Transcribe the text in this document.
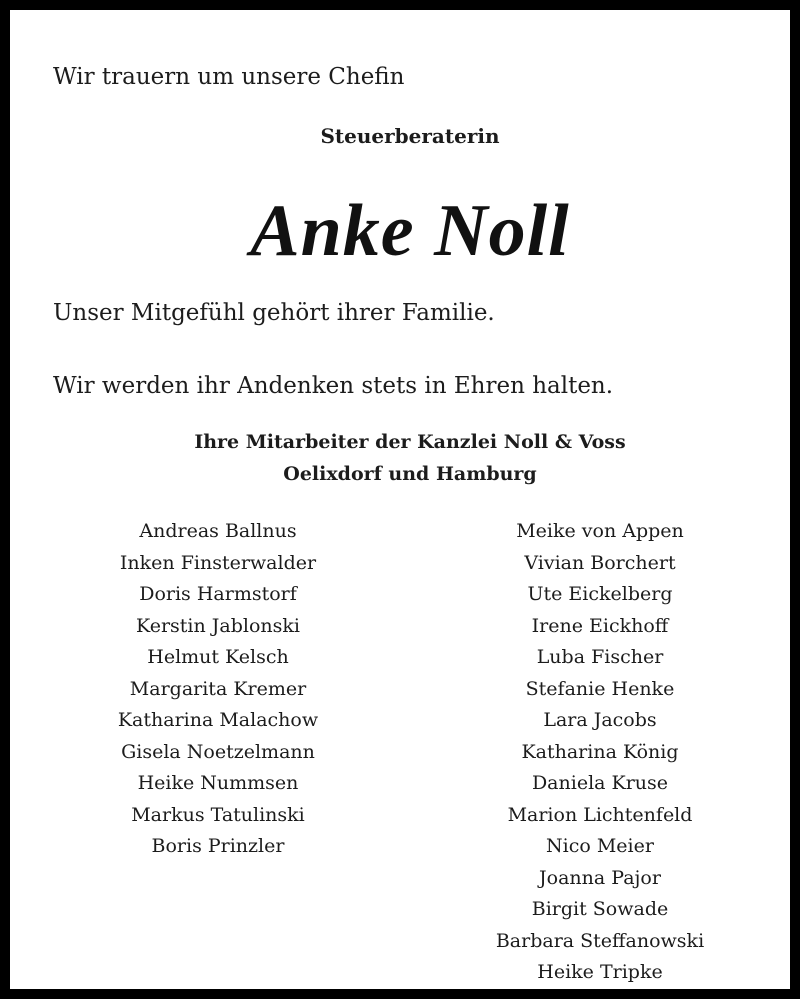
Wir trauern um unsere Chefin
Steuerberaterin
Anke Noll
Unser Mitgefühl gehört ihrer Familie.
Wir werden ihr Andenken stets in Ehren halten.
Ihre Mitarbeiter der Kanzlei Noll & Voss
Oelixdorf und Hamburg
Andreas Ballnus
Inken Finsterwalder
Doris Harmstorf
Kerstin Jablonski
Helmut Kelsch
Margarita Kremer
Katharina Malachow
Gisela Noetzelmann
Heike Nummsen
Markus Tatulinski
Boris Prinzler
Meike von Appen
Vivian Borchert
Ute Eickelberg
Irene Eickhoff
Luba Fischer
Stefanie Henke
Lara Jacobs
Katharina König
Daniela Kruse
Marion Lichtenfeld
Nico Meier
Joanna Pajor
Birgit Sowade
Barbara Steffanowski
Heike Tripke
